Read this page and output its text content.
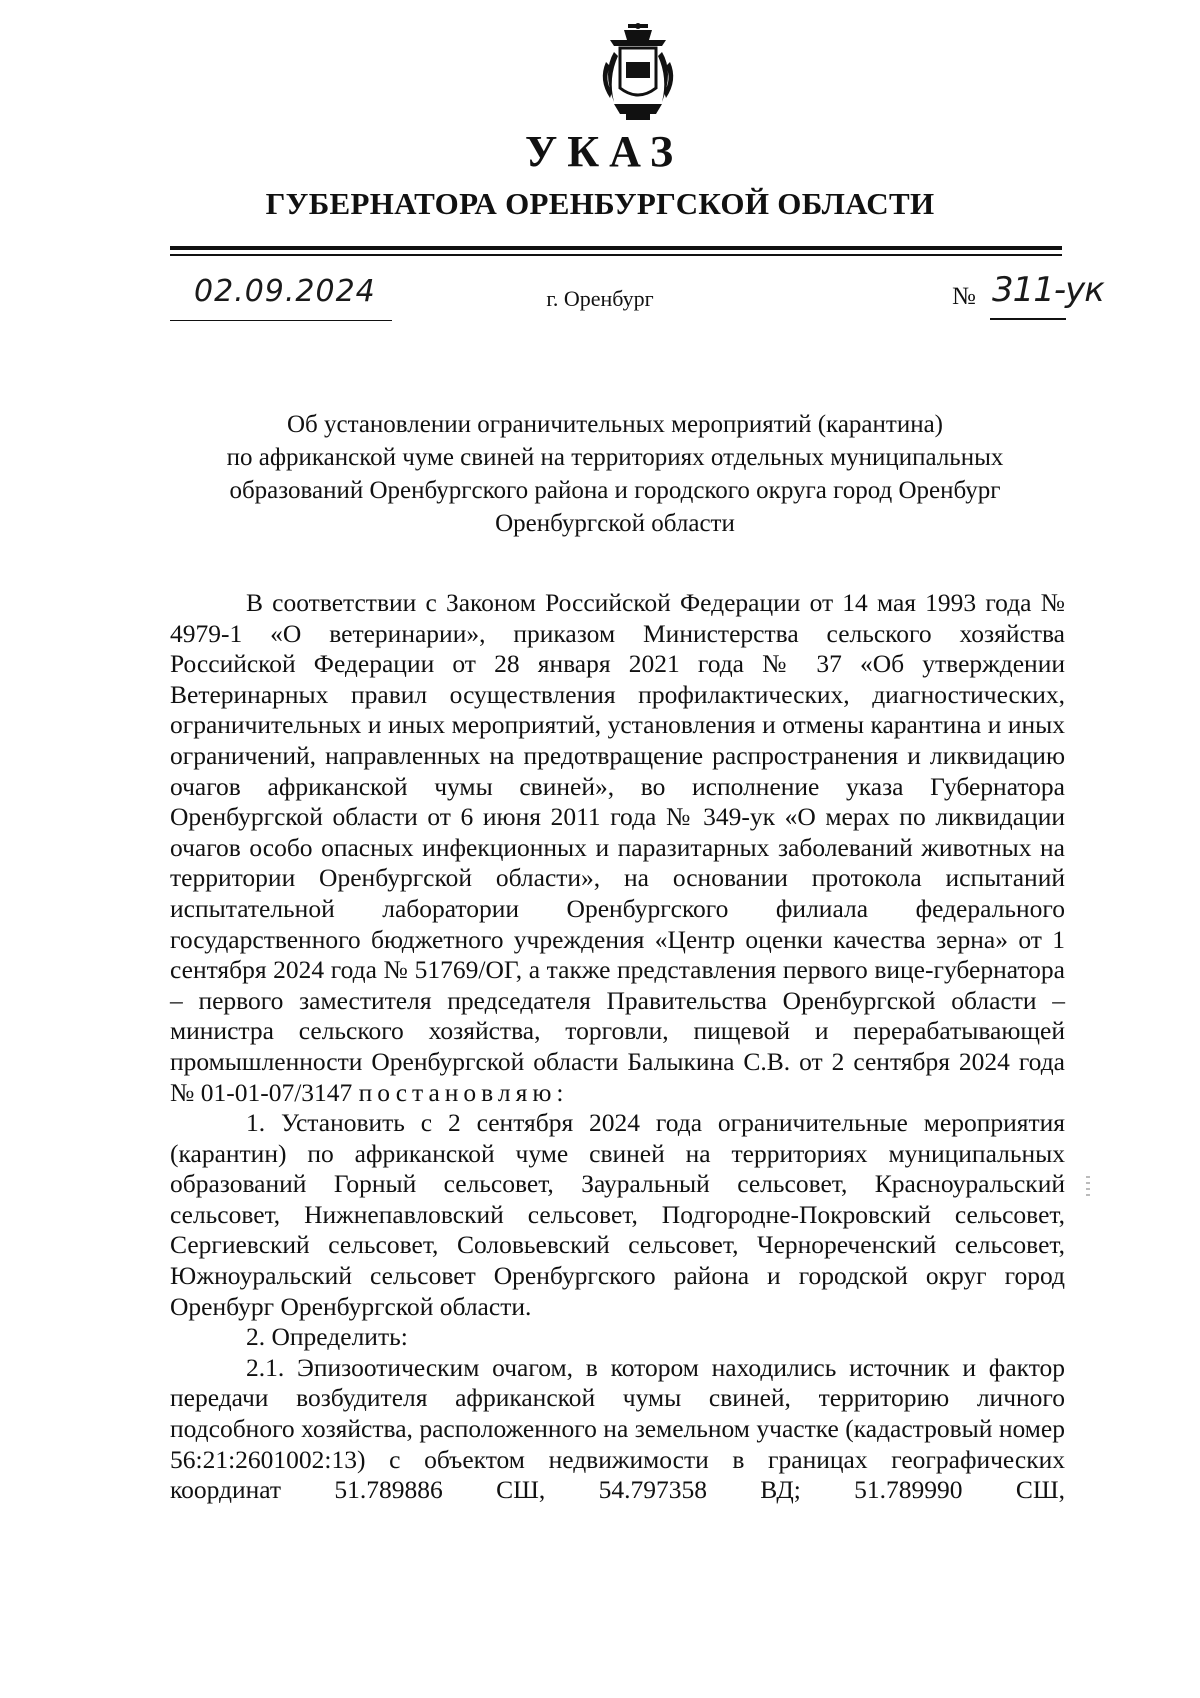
УКАЗ
ГУБЕРНАТОРА ОРЕНБУРГСКОЙ ОБЛАСТИ
02.09.2024	г. Оренбург	№ 311-ук
Об установлении ограничительных мероприятий (карантина)
по африканской чуме свиней на территориях отдельных муниципальных
образований Оренбургского района и городского округа город Оренбург
Оренбургской области

В соответствии с Законом Российской Федерации от 14 мая 1993 года № 4979-1 «О ветеринарии», приказом Министерства сельского хозяйства Российской Федерации от 28 января 2021 года № 37 «Об утверждении Ветеринарных правил осуществления профилактических, диагностических, ограничительных и иных мероприятий, установления и отмены карантина и иных ограничений, направленных на предотвращение распространения и ликвидацию очагов африканской чумы свиней», во исполнение указа Губернатора Оренбургской области от 6 июня 2011 года № 349-ук «О мерах по ликвидации очагов особо опасных инфекционных и паразитарных заболеваний животных на территории Оренбургской области», на основании протокола испытаний испытательной лаборатории Оренбургского филиала федерального государственного бюджетного учреждения «Центр оценки качества зерна» от 1 сентября 2024 года № 51769/ОГ, а также представления первого вице-губернатора – первого заместителя председателя Правительства Оренбургской области – министра сельского хозяйства, торговли, пищевой и перерабатывающей промышленности Оренбургской области Балыкина С.В. от 2 сентября 2024 года № 01-01-07/3147 постановляю:

1. Установить с 2 сентября 2024 года ограничительные мероприятия (карантин) по африканской чуме свиней на территориях муниципальных образований Горный сельсовет, Зауральный сельсовет, Красноуральский сельсовет, Нижнепавловский сельсовет, Подгородне-Покровский сельсовет, Сергиевский сельсовет, Соловьевский сельсовет, Чернореченский сельсовет, Южноуральский сельсовет Оренбургского района и городской округ город Оренбург Оренбургской области.

2. Определить:

2.1. Эпизоотическим очагом, в котором находились источник и фактор передачи возбудителя африканской чумы свиней, территорию личного подсобного хозяйства, расположенного на земельном участке (кадастровый номер 56:21:2601002:13) с объектом недвижимости в границах географических координат 51.789886 СШ, 54.797358 ВД; 51.789990 СШ,
